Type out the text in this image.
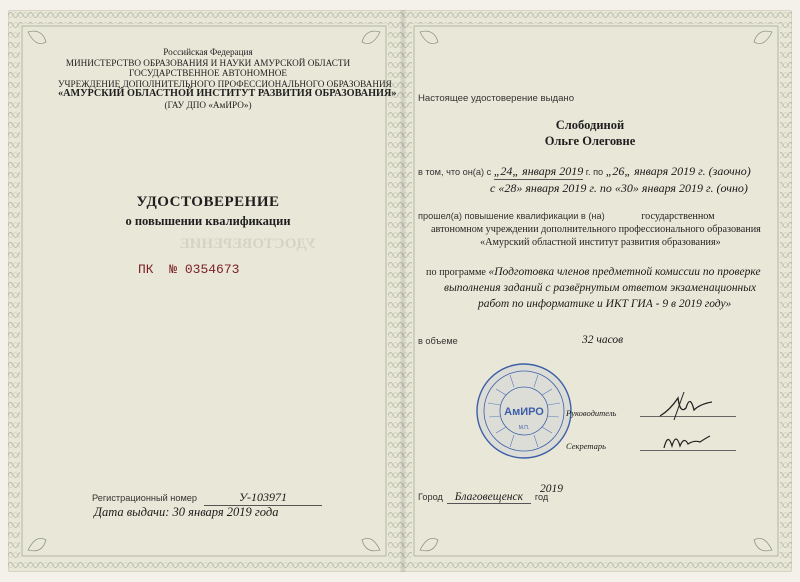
Российская Федерация
МИНИСТЕРСТВО ОБРАЗОВАНИЯ И НАУКИ АМУРСКОЙ ОБЛАСТИ
ГОСУДАРСТВЕННОЕ АВТОНОМНОЕ
УЧРЕЖДЕНИЕ ДОПОЛНИТЕЛЬНОГО ПРОФЕССИОНАЛЬНОГО ОБРАЗОВАНИЯ
«АМУРСКИЙ ОБЛАСТНОЙ ИНСТИТУТ РАЗВИТИЯ ОБРАЗОВАНИЯ»
(ГАУ ДПО «АмИРО»)
УДОСТОВЕРЕНИЕ
о повышении квалификации
УДОСТОВЕРЕНИЕ
ПК № 0354673
Регистрационный номер	У-103971
Дата выдачи: 30 января 2019 года
Настоящее удостоверение выдано
Слободиной
Ольге Олеговне
в том, что он(а) с „24„ января 2019 г. по „26„ января 2019 г. (заочно)
с «28» января 2019 г. по «30» января 2019 г. (очно)
прошел(а) повышение квалификации в (на)	государственном
автономном учреждении дополнительного профессионального образования
«Амурский областной институт развития образования»
по программе «Подготовка членов предметной комиссии по проверке
выполнения заданий с развёрнутым ответом экзаменационных
работ по информатике и ИКТ ГИА - 9 в 2019 году»
в объеме	32 часов
АмИРО
М.П.
Руководитель
Секретарь
Город Благовещенск год
2019
